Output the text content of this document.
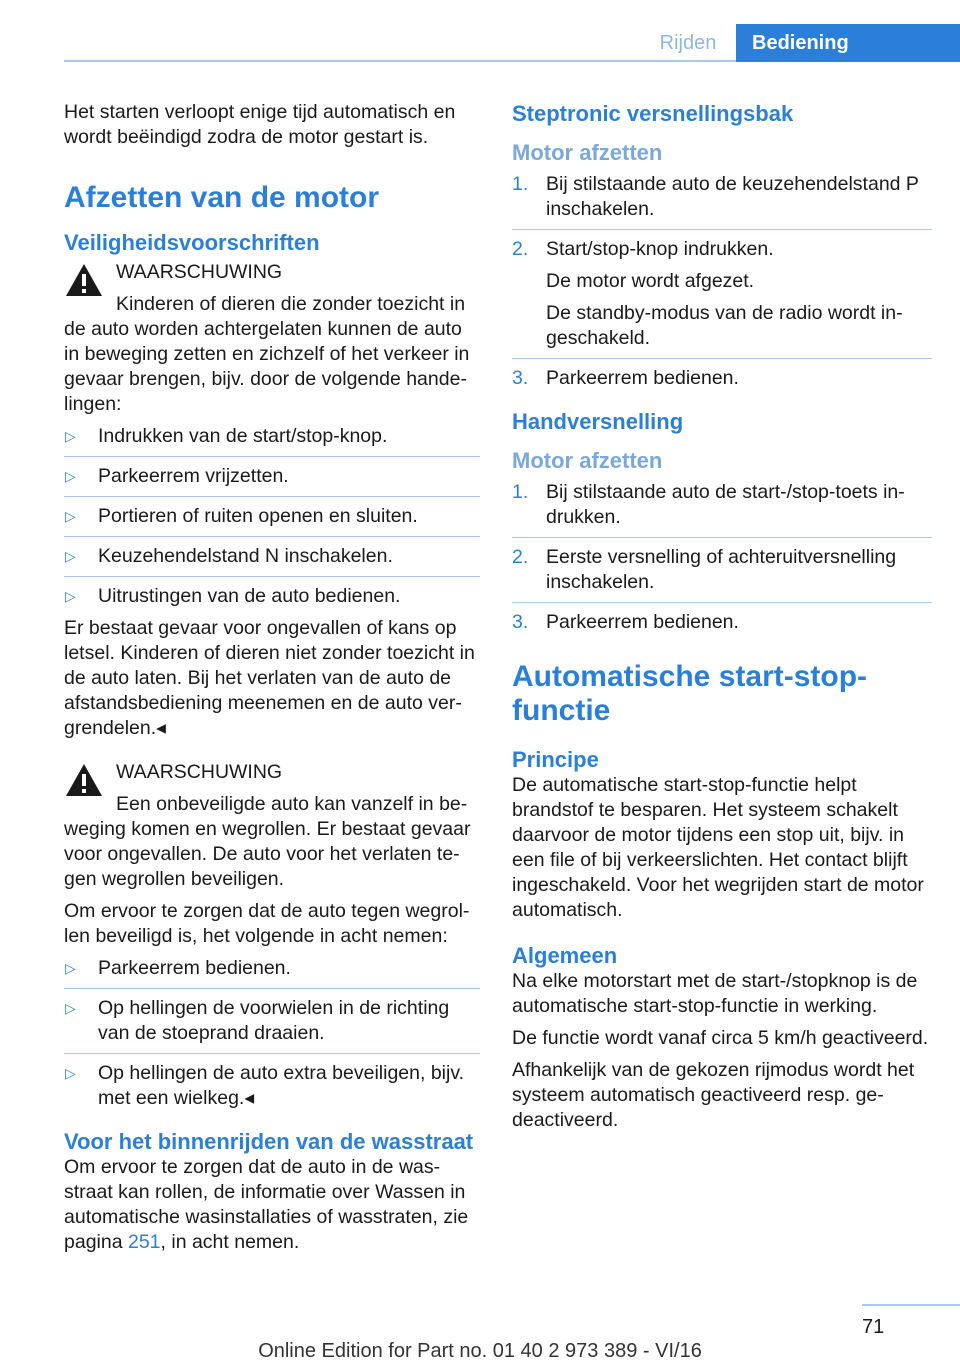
Rijden	Bediening

Het starten verloopt enige tijd automatisch en wordt beëindigd zodra de motor gestart is.

Afzetten van de motor
Veiligheidsvoorschriften

WAARSCHUWING

Kinderen of dieren die zonder toezicht in de auto worden achtergelaten kunnen de auto in beweging zetten en zichzelf of het verkeer in gevaar brengen, bijv. door de volgende handelingen:

▷ Indrukken van de start/stop-knop.
▷ Parkeerrem vrijzetten.
▷ Portieren of ruiten openen en sluiten.
▷ Keuzehendelstand N inschakelen.
▷ Uitrustingen van de auto bedienen.

Er bestaat gevaar voor ongevallen of kans op letsel. Kinderen of dieren niet zonder toezicht in de auto laten. Bij het verlaten van de auto de afstandsbediening meenemen en de auto vergrendelen.◂

WAARSCHUWING

Een onbeveiligde auto kan vanzelf in beweging komen en wegrollen. Er bestaat gevaar voor ongevallen. De auto voor het verlaten tegen wegrollen beveiligen.

Om ervoor te zorgen dat de auto tegen wegrollen beveiligd is, het volgende in acht nemen:

▷ Parkeerrem bedienen.
▷ Op hellingen de voorwielen in de richting van de stoeprand draaien.
▷ Op hellingen de auto extra beveiligen, bijv. met een wielkeg.◂
Voor het binnenrijden van de wasstraat

Om ervoor te zorgen dat de auto in de wasstraat kan rollen, de informatie over Wassen in automatische wasinstallaties of wasstraten, zie pagina 251, in acht nemen.

Steptronic versnellingsbak
Motor afzetten
1. Bij stilstaande auto de keuzehendelstand P inschakelen.
2. Start/stop-knop indrukken.
De motor wordt afgezet.
De standby-modus van de radio wordt ingeschakeld.
3. Parkeerrem bedienen.
Handversnelling
Motor afzetten
1. Bij stilstaande auto de start-/stop-toets indrukken.
2. Eerste versnelling of achteruitversnelling inschakelen.
3. Parkeerrem bedienen.
Automatische start-stop-functie
Principe

De automatische start-stop-functie helpt brandstof te besparen. Het systeem schakelt daarvoor de motor tijdens een stop uit, bijv. in een file of bij verkeerslichten. Het contact blijft ingeschakeld. Voor het wegrijden start de motor automatisch.

Algemeen

Na elke motorstart met de start-/stopknop is de automatische start-stop-functie in werking.

De functie wordt vanaf circa 5 km/h geactiveerd.

Afhankelijk van de gekozen rijmodus wordt het systeem automatisch geactiveerd resp. gedeactiveerd.

71
Online Edition for Part no. 01 40 2 973 389 - VI/16
